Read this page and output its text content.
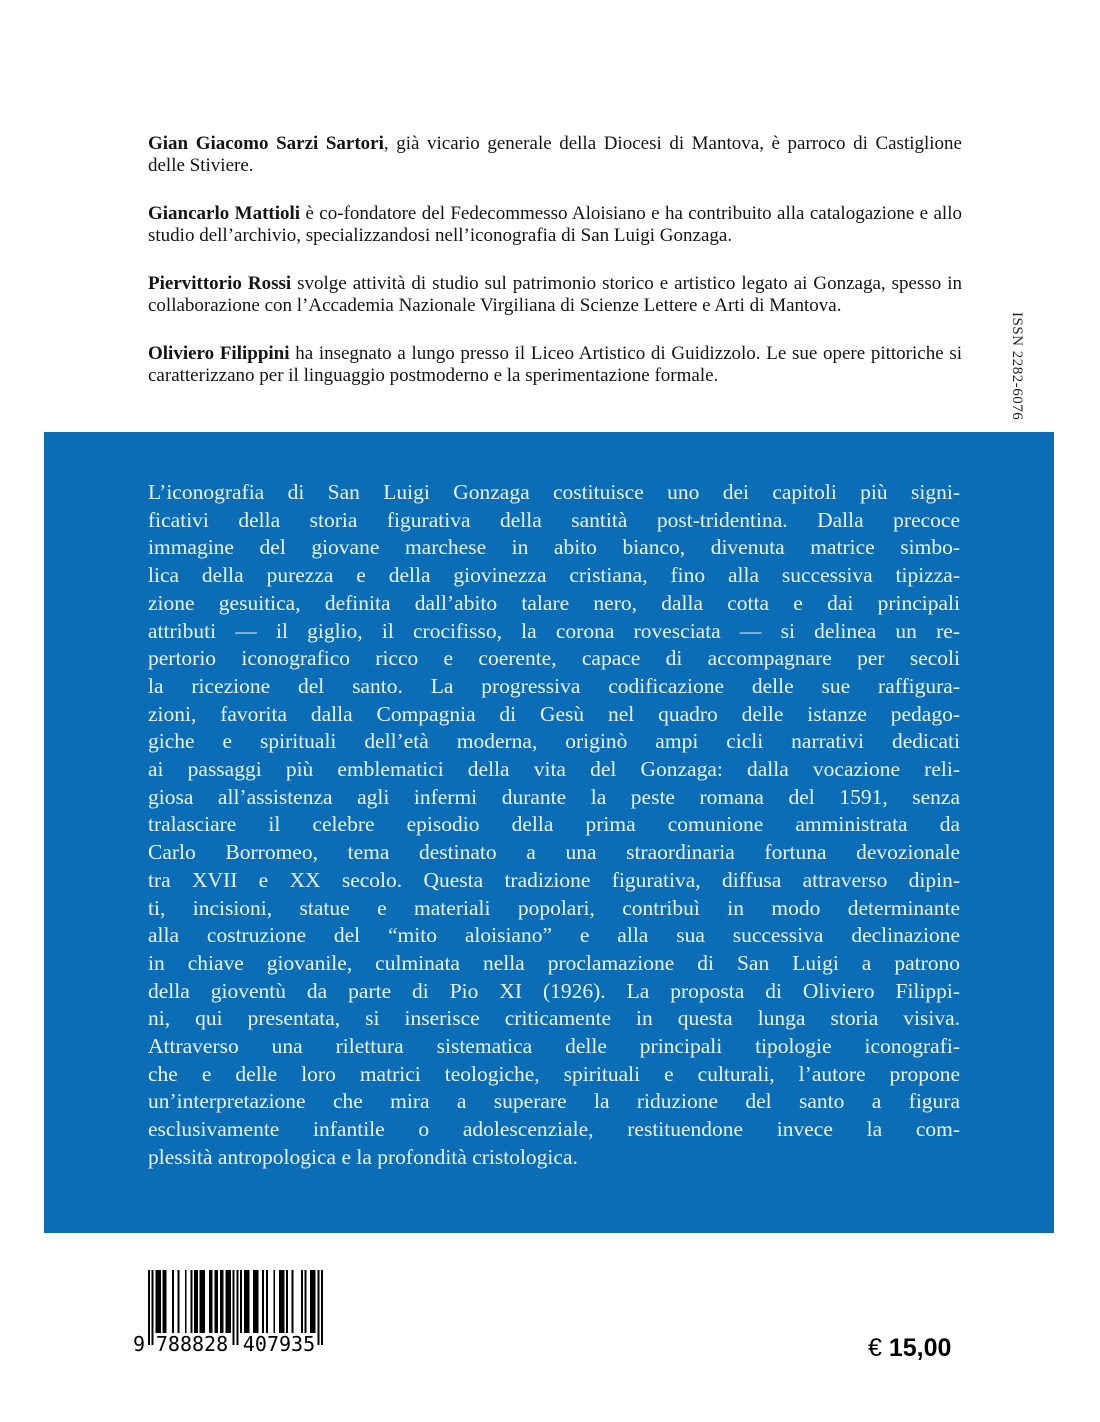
Gian Giacomo Sarzi Sartori, già vicario generale della Diocesi di Mantova, è parroco di Castiglione delle Stiviere.

Giancarlo Mattioli è co-fondatore del Fedecommesso Aloisiano e ha contribuito alla catalogazione e allo studio dell’archivio, specializzandosi nell’iconografia di San Luigi Gonzaga.

Piervittorio Rossi svolge attività di studio sul patrimonio storico e artistico legato ai Gonzaga, spesso in collaborazione con l’Accademia Nazionale Virgiliana di Scienze Lettere e Arti di Mantova.

Oliviero Filippini ha insegnato a lungo presso il Liceo Artistico di Guidizzolo. Le sue opere pittoriche si caratterizzano per il linguaggio postmoderno e la sperimentazione formale.	ISSN 2282-6076
L’iconografia di San Luigi Gonzaga costituisce uno dei capitoli più signi-
ficativi della storia figurativa della santità post-tridentina. Dalla precoce
immagine del giovane marchese in abito bianco, divenuta matrice simbo-
lica della purezza e della giovinezza cristiana, fino alla successiva tipizza-
zione gesuitica, definita dall’abito talare nero, dalla cotta e dai principali
attributi — il giglio, il crocifisso, la corona rovesciata — si delinea un re-
pertorio iconografico ricco e coerente, capace di accompagnare per secoli
la ricezione del santo. La progressiva codificazione delle sue raffigura-
zioni, favorita dalla Compagnia di Gesù nel quadro delle istanze pedago-
giche e spirituali dell’età moderna, originò ampi cicli narrativi dedicati
ai passaggi più emblematici della vita del Gonzaga: dalla vocazione reli-
giosa all’assistenza agli infermi durante la peste romana del 1591, senza
tralasciare il celebre episodio della prima comunione amministrata da
Carlo Borromeo, tema destinato a una straordinaria fortuna devozionale
tra XVII e XX secolo. Questa tradizione figurativa, diffusa attraverso dipin-
ti, incisioni, statue e materiali popolari, contribuì in modo determinante
alla costruzione del “mito aloisiano” e alla sua successiva declinazione
in chiave giovanile, culminata nella proclamazione di San Luigi a patrono
della gioventù da parte di Pio XI (1926). La proposta di Oliviero Filippi-
ni, qui presentata, si inserisce criticamente in questa lunga storia visiva.
Attraverso una rilettura sistematica delle principali tipologie iconografi-
che e delle loro matrici teologiche, spirituali e culturali, l’autore propone
un’interpretazione che mira a superare la riduzione del santo a figura
esclusivamente infantile o adolescenziale, restituendone invece la com-
plessità antropologica e la profondità cristologica.
9 788828 407935	€ 15,00
